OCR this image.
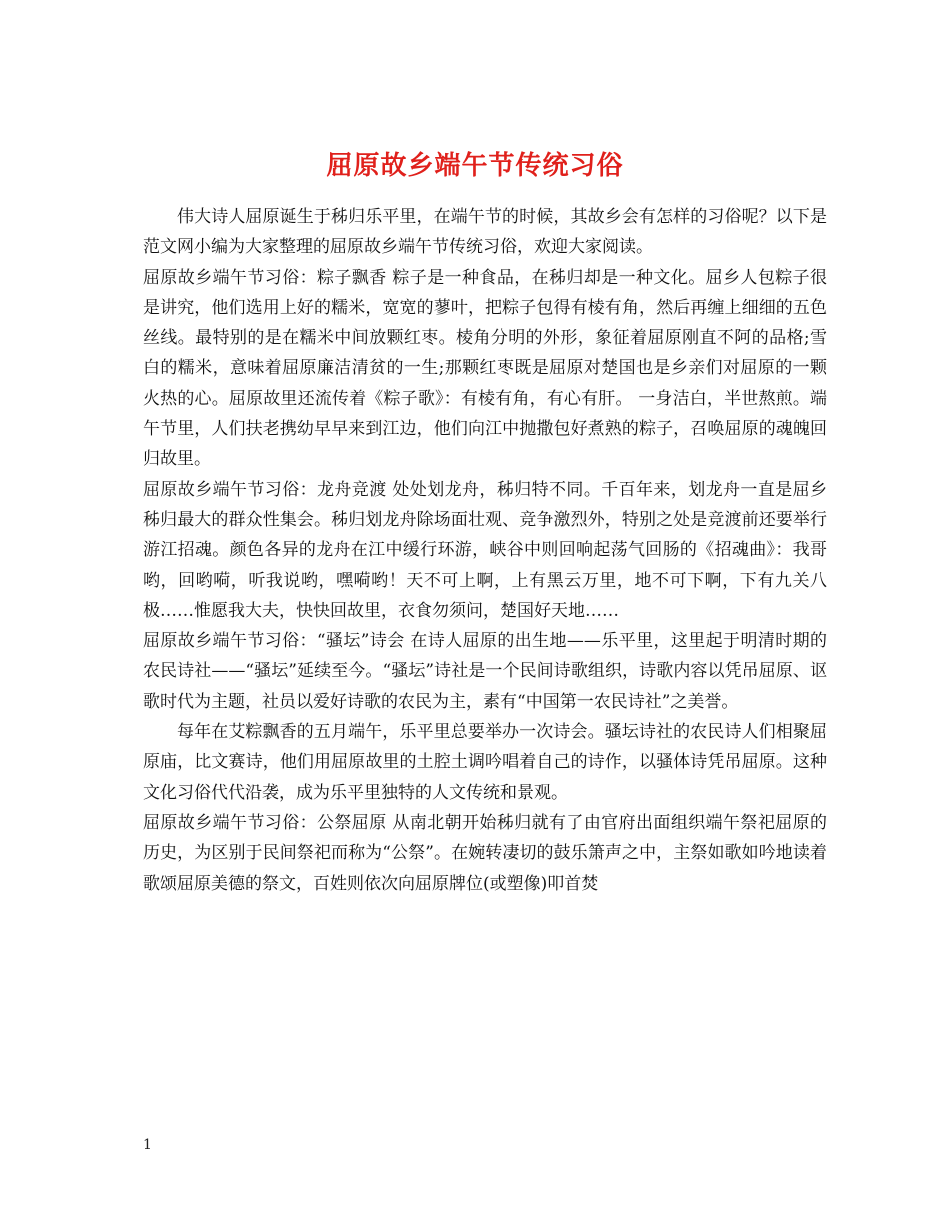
屈原故乡端午节传统习俗

伟大诗人屈原诞生于秭归乐平里，在端午节的时候，其故乡会有怎样的习俗呢？以下是范文网小编为大家整理的屈原故乡端午节传统习俗，欢迎大家阅读。

屈原故乡端午节习俗：粽子飘香 粽子是一种食品，在秭归却是一种文化。屈乡人包粽子很是讲究，他们选用上好的糯米，宽宽的蓼叶，把粽子包得有棱有角，然后再缠上细细的五色丝线。最特别的是在糯米中间放颗红枣。棱角分明的外形，象征着屈原刚直不阿的品格;雪白的糯米，意味着屈原廉洁清贫的一生;那颗红枣既是屈原对楚国也是乡亲们对屈原的一颗火热的心。屈原故里还流传着《粽子歌》：有棱有角，有心有肝。 一身洁白，半世熬煎。端午节里，人们扶老携幼早早来到江边，他们向江中抛撒包好煮熟的粽子，召唤屈原的魂魄回归故里。

屈原故乡端午节习俗：龙舟竞渡 处处划龙舟，秭归特不同。千百年来，划龙舟一直是屈乡秭归最大的群众性集会。秭归划龙舟除场面壮观、竞争激烈外，特别之处是竞渡前还要举行游江招魂。颜色各异的龙舟在江中缓行环游，峡谷中则回响起荡气回肠的《招魂曲》：我哥哟，回哟嗬，听我说哟，嘿嗬哟！天不可上啊，上有黑云万里，地不可下啊，下有九关八极……惟愿我大夫，快快回故里，衣食勿须问，楚国好天地……

屈原故乡端午节习俗：“骚坛”诗会 在诗人屈原的出生地——乐平里，这里起于明清时期的农民诗社——“骚坛”延续至今。“骚坛”诗社是一个民间诗歌组织，诗歌内容以凭吊屈原、讴歌时代为主题，社员以爱好诗歌的农民为主，素有“中国第一农民诗社”之美誉。

每年在艾粽飘香的五月端午，乐平里总要举办一次诗会。骚坛诗社的农民诗人们相聚屈原庙，比文赛诗，他们用屈原故里的土腔土调吟唱着自己的诗作，以骚体诗凭吊屈原。这种文化习俗代代沿袭，成为乐平里独特的人文传统和景观。

屈原故乡端午节习俗：公祭屈原 从南北朝开始秭归就有了由官府出面组织端午祭祀屈原的历史，为区别于民间祭祀而称为“公祭”。在婉转凄切的鼓乐箫声之中，主祭如歌如吟地读着歌颂屈原美德的祭文，百姓则依次向屈原牌位(或塑像)叩首焚

1
